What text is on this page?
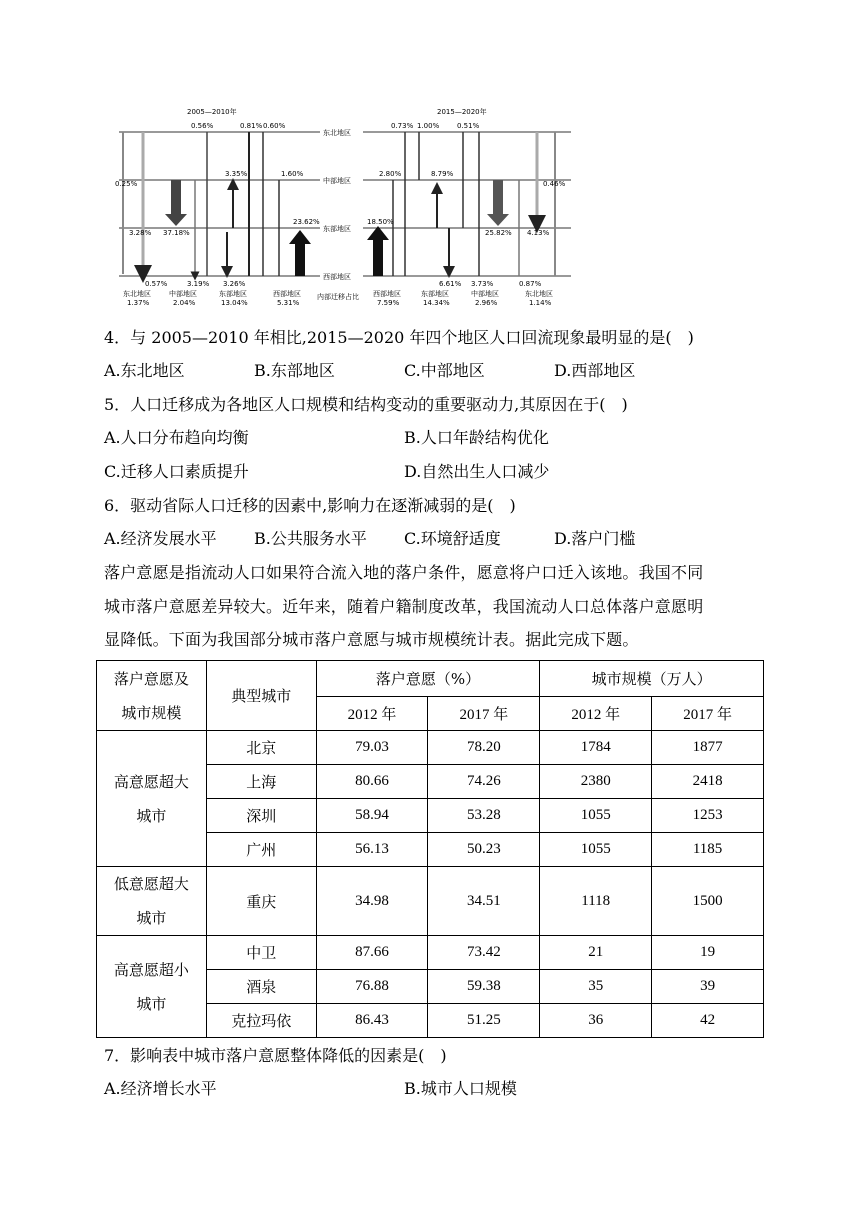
2005—2010年	2015—2020年
东北地区
中部地区
东部地区
西部地区
0.56%	0.81% 0.60%
0.25%
3.28% 37.18%
3.35%	1.60%
23.62%
0.57%	3.19% 3.26%
东北地区
1.37%
中部地区
2.04%
东部地区
13.04%
西部地区
5.31%
内部迁移占比
0.73% 1.00%	0.51%
2.80%	8.79%
0.46%
18.50%
25.82% 4.13%
6.61% 3.73%	0.87%
西部地区
7.59%
东部地区
14.34%
中部地区
2.96%
东北地区
1.14%
4．与 2005—2010 年相比,2015—2020 年四个地区人口回流现象最明显的是(　)
A.东北地区	B.东部地区	C.中部地区	D.西部地区
5．人口迁移成为各地区人口规模和结构变动的重要驱动力,其原因在于(　)
A.人口分布趋向均衡	B.人口年龄结构优化
C.迁移人口素质提升	D.自然出生人口减少
6．驱动省际人口迁移的因素中,影响力在逐渐减弱的是(　)
A.经济发展水平 B.公共服务水平 C.环境舒适度	D.落户门槛
落户意愿是指流动人口如果符合流入地的落户条件，愿意将户口迁入该地。我国不同
城市落户意愿差异较大。近年来，随着户籍制度改革，我国流动人口总体落户意愿明
显降低。下面为我国部分城市落户意愿与城市规模统计表。据此完成下题。
落户意愿及
城市规模	典型城市	落户意愿（%）		城市规模（万人）	
		2012 年	2017 年	2012 年	2017 年

高意愿超大
城市	北京	79.03	78.20	1784	1877
	上海	80.66	74.26	2380	2418
	深圳	58.94	53.28	1055	1253
	广州	56.13	50.23	1055	1185

低意愿超大
城市	重庆	34.98	34.51	1118	1500

高意愿超小
城市	中卫	87.66	73.42	21	19
	酒泉	76.88	59.38	35	39
	克拉玛依	86.43	51.25	36	42
7．影响表中城市落户意愿整体降低的因素是(　)
A.经济增长水平	B.城市人口规模
